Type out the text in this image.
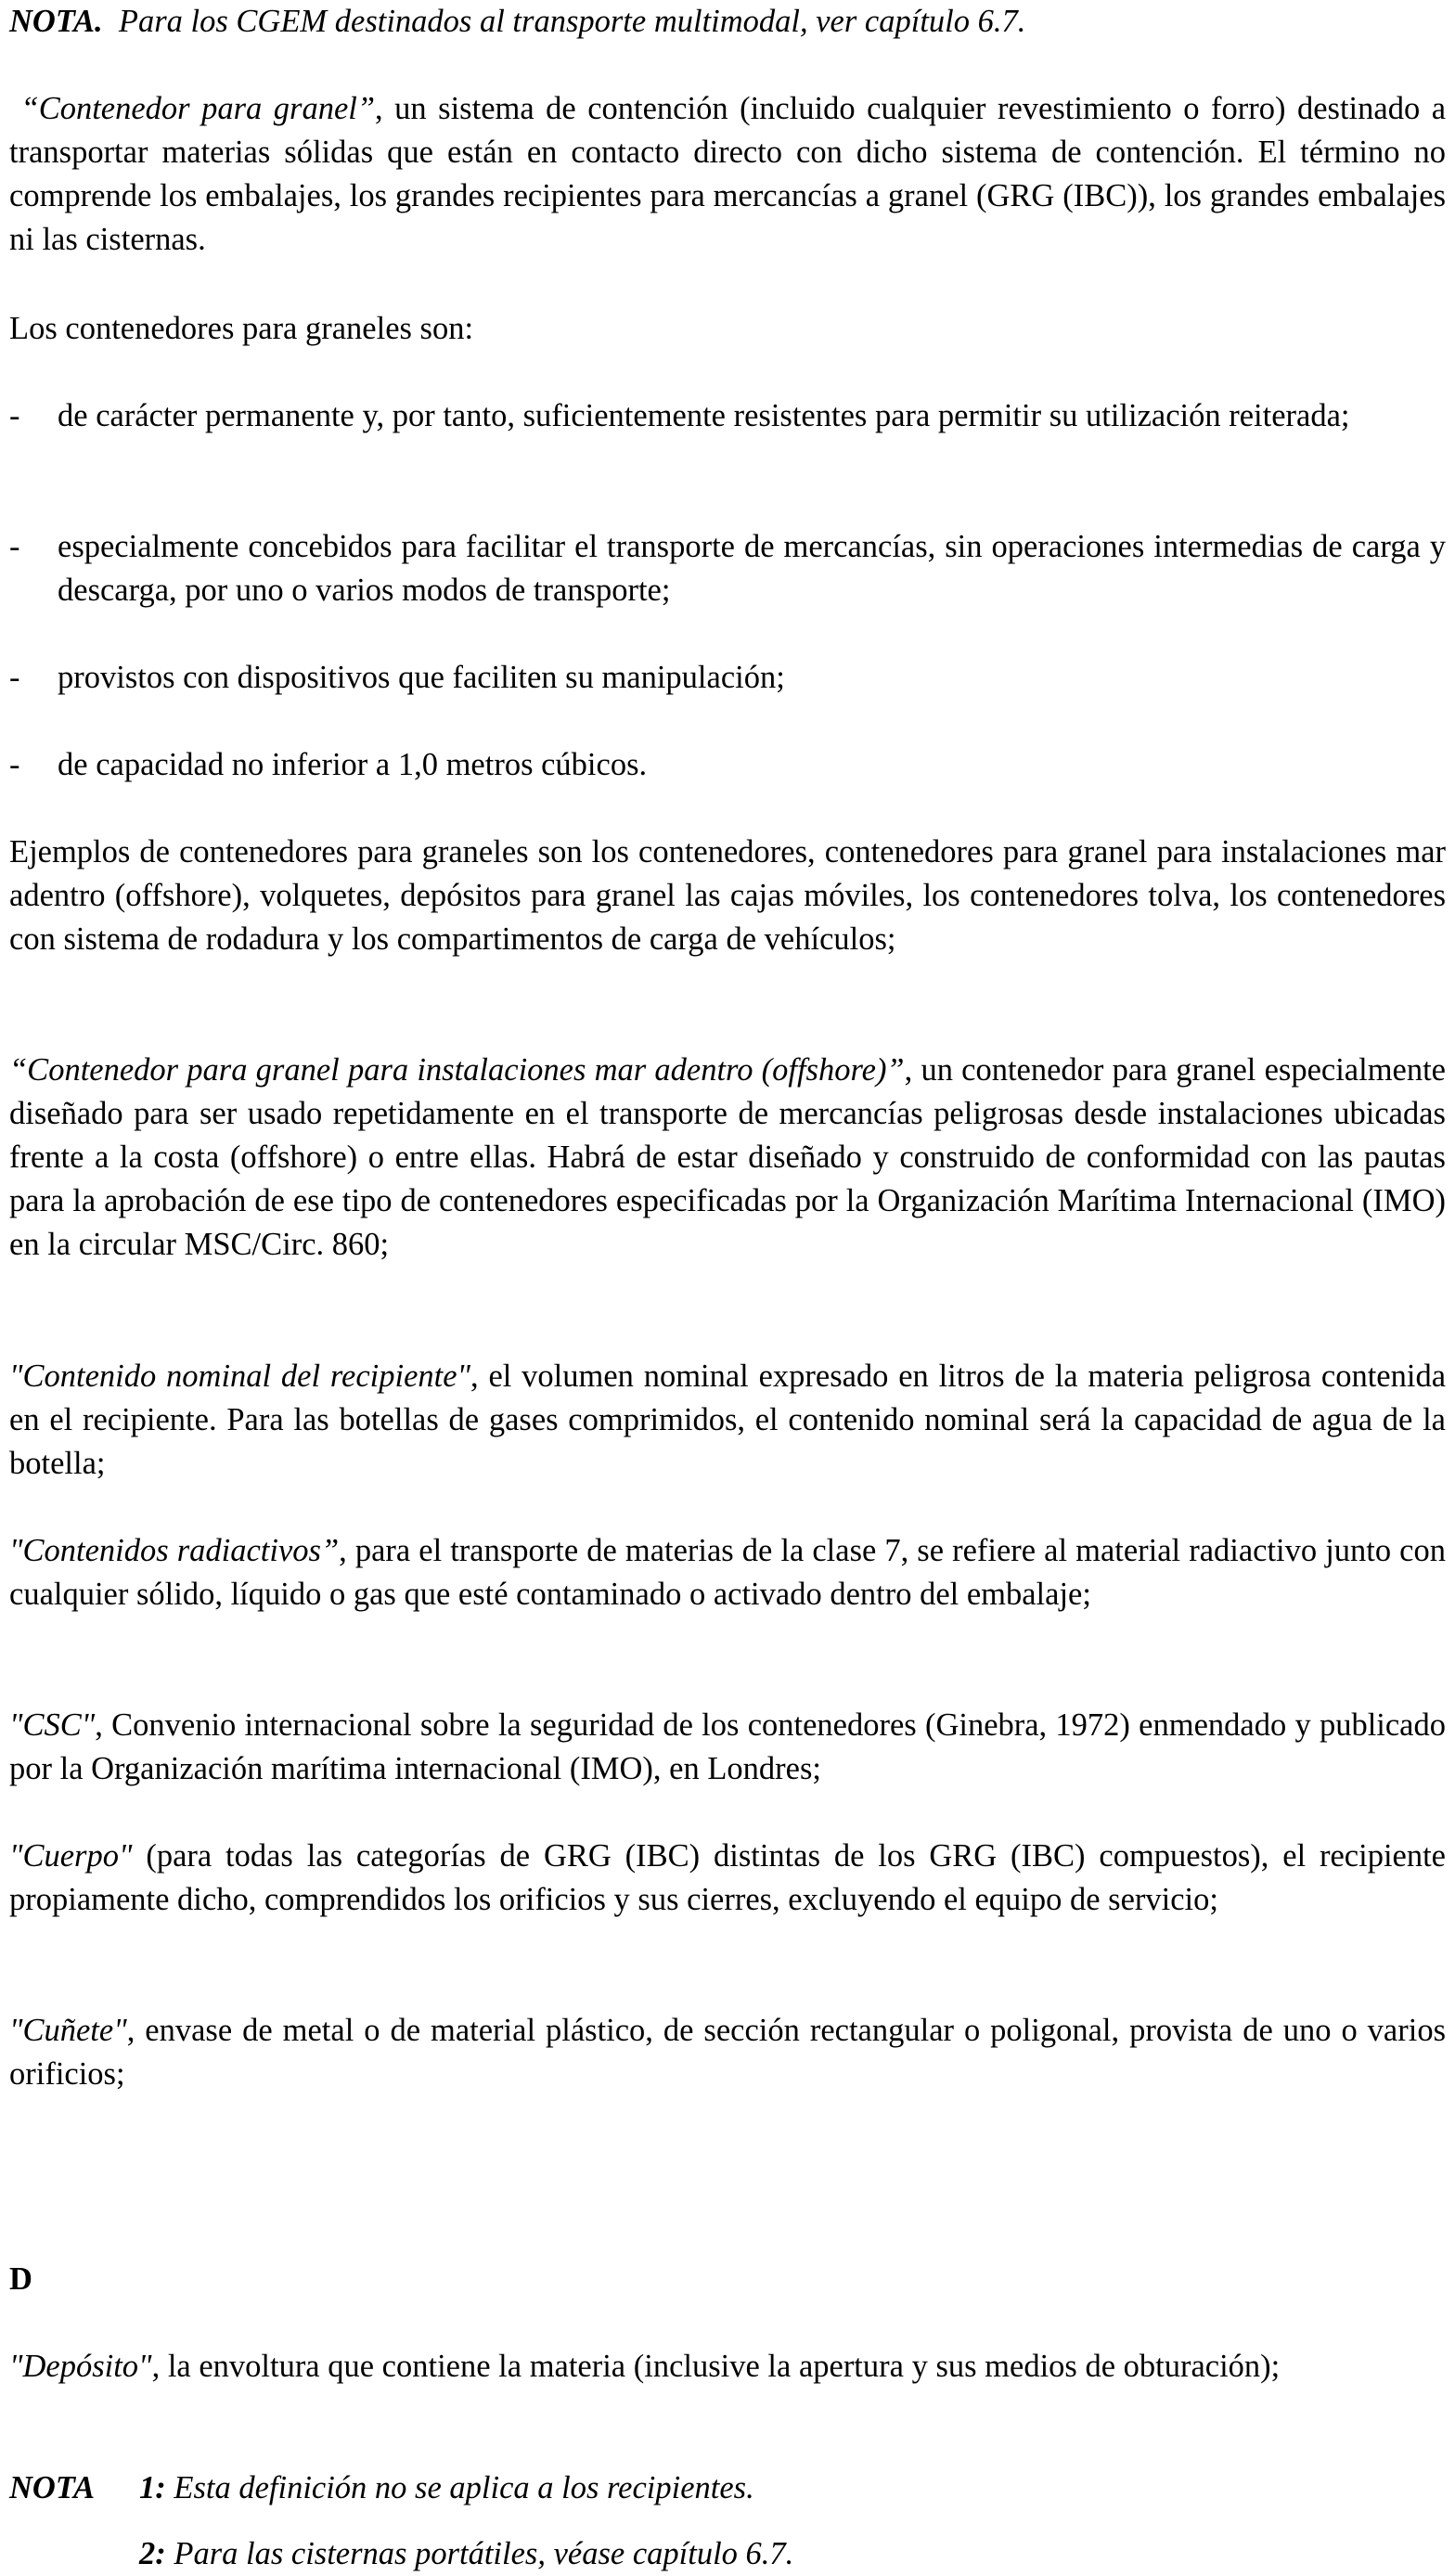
NOTA. Para los CGEM destinados al transporte multimodal, ver capítulo 6.7.

“Contenedor para granel”, un sistema de contención (incluido cualquier revestimiento o forro) destinado a transportar materias sólidas que están en contacto directo con dicho sistema de contención. El término no comprende los embalajes, los grandes recipientes para mercancías a granel (GRG (IBC)), los grandes embalajes ni las cisternas.

Los contenedores para graneles son:

- de carácter permanente y, por tanto, suficientemente resistentes para permitir su utilización reiterada;
- especialmente concebidos para facilitar el transporte de mercancías, sin operaciones intermedias de carga y descarga, por uno o varios modos de transporte;
- provistos con dispositivos que faciliten su manipulación;
- de capacidad no inferior a 1,0 metros cúbicos.

Ejemplos de contenedores para graneles son los contenedores, contenedores para granel para instalaciones mar adentro (offshore), volquetes, depósitos para granel las cajas móviles, los contenedores tolva, los contenedores con sistema de rodadura y los compartimentos de carga de vehículos;

“Contenedor para granel para instalaciones mar adentro (offshore)”, un contenedor para granel especialmente diseñado para ser usado repetidamente en el transporte de mercancías peligrosas desde instalaciones ubicadas frente a la costa (offshore) o entre ellas. Habrá de estar diseñado y construido de conformidad con las pautas para la aprobación de ese tipo de contenedores especificadas por la Organización Marítima Internacional (IMO) en la circular MSC/Circ. 860;

"Contenido nominal del recipiente", el volumen nominal expresado en litros de la materia peligrosa contenida en el recipiente. Para las botellas de gases comprimidos, el contenido nominal será la capacidad de agua de la botella;

"Contenidos radiactivos”, para el transporte de materias de la clase 7, se refiere al material radiactivo junto con cualquier sólido, líquido o gas que esté contaminado o activado dentro del embalaje;

"CSC", Convenio internacional sobre la seguridad de los contenedores (Ginebra, 1972) enmendado y publicado por la Organización marítima internacional (IMO), en Londres;

"Cuerpo" (para todas las categorías de GRG (IBC) distintas de los GRG (IBC) compuestos), el recipiente propiamente dicho, comprendidos los orificios y sus cierres, excluyendo el equipo de servicio;

"Cuñete", envase de metal o de material plástico, de sección rectangular o poligonal, provista de uno o varios orificios;

D

"Depósito", la envoltura que contiene la materia (inclusive la apertura y sus medios de obturación);

NOTA 1: Esta definición no se aplica a los recipientes.
2: Para las cisternas portátiles, véase capítulo 6.7.
